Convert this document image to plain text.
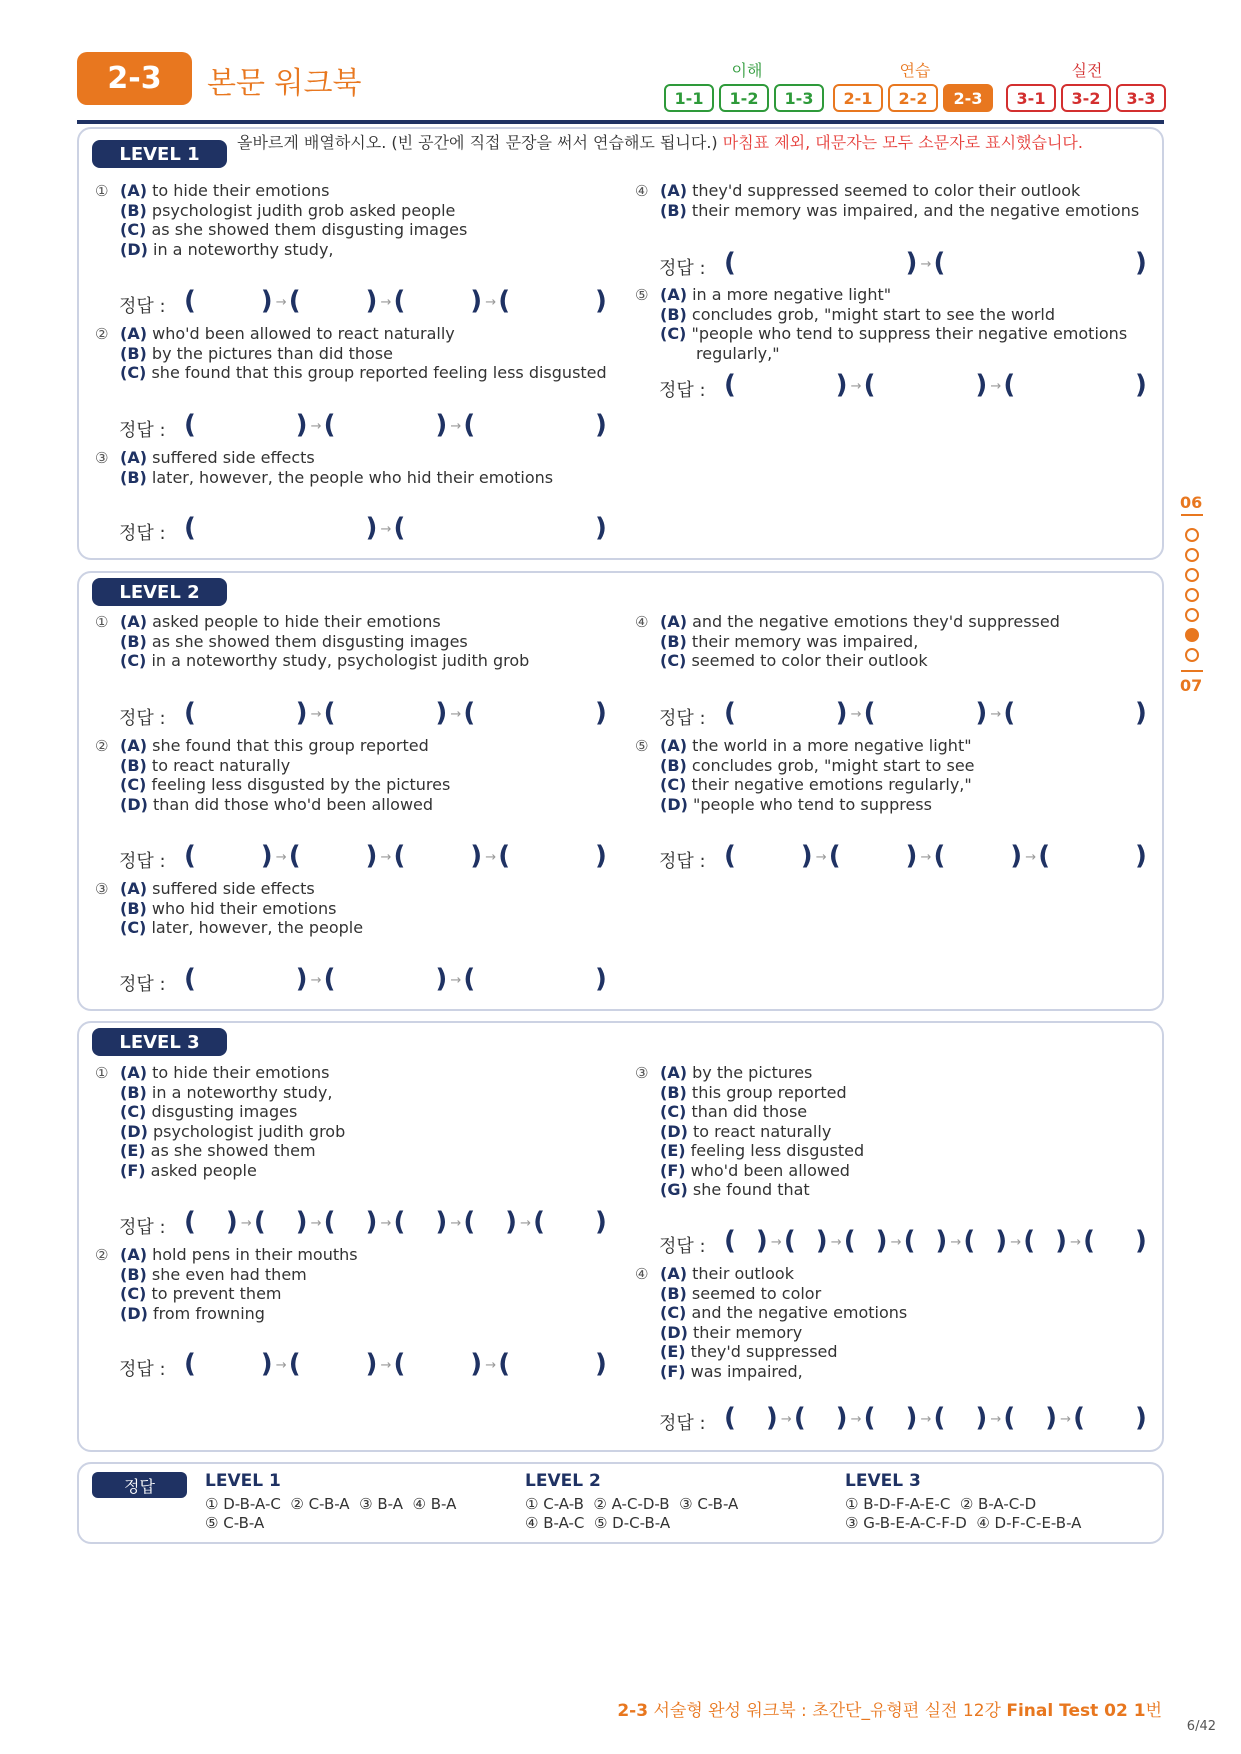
2-3	본문 워크북	이해	연습	실전
1-1	1-2	1-3	2-1	2-2	2-3	3-1	3-2	3-3
06
07
LEVEL 1
올바르게 배열하시오. (빈 공간에 직접 문장을 써서 연습해도 됩니다.) 마침표 제외, 대문자는 모두 소문자로 표시했습니다.
① (A) to hide their emotions
(B) psychologist judith grob asked people
(C) as she showed them disgusting images
(D) in a noteworthy study,
정답 : ( ) → ( ) → ( ) → (	)
② (A) who'd been allowed to react naturally
(B) by the pictures than did those
(C) she found that this group reported feeling less disgusted
정답 : (	) → (	) → (	)
③ (A) suffered side effects
(B) later, however, the people who hid their emotions
정답 : (	) → (	)
④ (A) they'd suppressed seemed to color their outlook
(B) their memory was impaired, and the negative emotions
정답 : (	) → (	)
⑤ (A) in a more negative light"
(B) concludes grob, "might start to see the world
(C) "people who tend to suppress their negative emotions regularly,"
정답 : (	) → (	) → (	)
LEVEL 2
① (A) asked people to hide their emotions
(B) as she showed them disgusting images
(C) in a noteworthy study, psychologist judith grob
정답 : (	) → (	) → (	)
② (A) she found that this group reported
(B) to react naturally
(C) feeling less disgusted by the pictures
(D) than did those who'd been allowed
정답 : ( ) → ( ) → ( ) → (	)
③ (A) suffered side effects
(B) who hid their emotions
(C) later, however, the people
정답 : (	) → (	) → (	)
④ (A) and the negative emotions they'd suppressed
(B) their memory was impaired,
(C) seemed to color their outlook
정답 : (	) → (	) → (	)
⑤ (A) the world in a more negative light"
(B) concludes grob, "might start to see
(C) their negative emotions regularly,"
(D) "people who tend to suppress
정답 : ( ) → ( ) → ( ) → (	)
LEVEL 3
① (A) to hide their emotions
(B) in a noteworthy study,
(C) disgusting images
(D) psychologist judith grob
(E) as she showed them
(F) asked people
정답 : ( ) → ( ) → ( ) → ( ) → ( ) → ( )
② (A) hold pens in their mouths
(B) she even had them
(C) to prevent them
(D) from frowning
정답 : ( ) → ( ) → ( ) → (	)
③ (A) by the pictures
(B) this group reported
(C) than did those
(D) to react naturally
(E) feeling less disgusted
(F) who'd been allowed
(G) she found that
정답 : ( ) → ( ) → ( ) → ( ) → ( ) → ( ) → ( )
④ (A) their outlook
(B) seemed to color
(C) and the negative emotions
(D) their memory
(E) they'd suppressed
(F) was impaired,
정답 : ( ) → ( ) → ( ) → ( ) → ( ) → ( )
정답	LEVEL 1
① D-B-A-C  ② C-B-A  ③ B-A  ④ B-A
⑤ C-B-A
LEVEL 2
① C-A-B  ② A-C-D-B  ③ C-B-A
④ B-A-C  ⑤ D-C-B-A
LEVEL 3
① B-D-F-A-E-C  ② B-A-C-D
③ G-B-E-A-C-F-D  ④ D-F-C-E-B-A
2-3 서술형 완성 워크북 : 초간단_유형편 실전 12강 Final Test 02 1번
6/42
